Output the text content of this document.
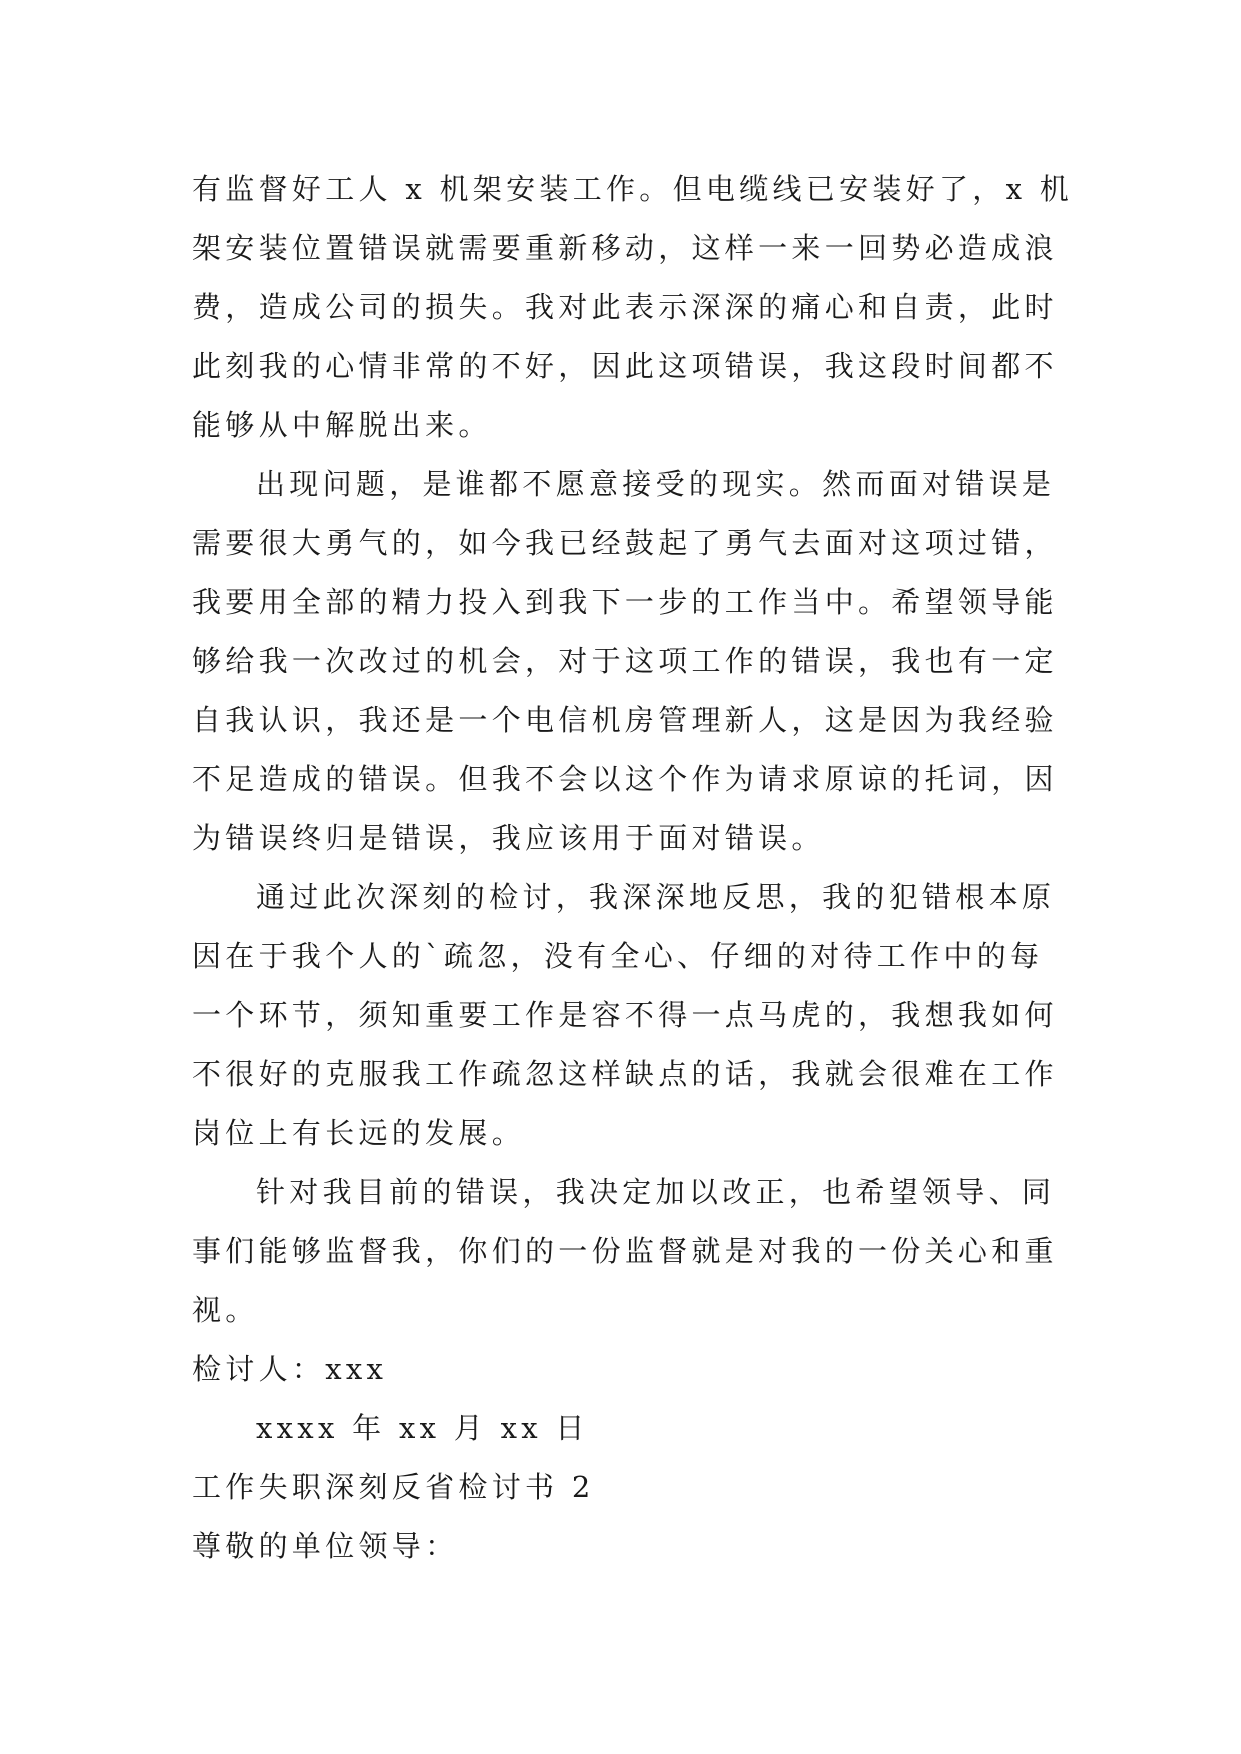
有监督好工人 x 机架安装工作。但电缆线已安装好了，x 机
架安装位置错误就需要重新移动，这样一来一回势必造成浪
费，造成公司的损失。我对此表示深深的痛心和自责，此时
此刻我的心情非常的不好，因此这项错误，我这段时间都不
能够从中解脱出来。
出现问题，是谁都不愿意接受的现实。然而面对错误是
需要很大勇气的，如今我已经鼓起了勇气去面对这项过错，
我要用全部的精力投入到我下一步的工作当中。希望领导能
够给我一次改过的机会，对于这项工作的错误，我也有一定
自我认识，我还是一个电信机房管理新人，这是因为我经验
不足造成的错误。但我不会以这个作为请求原谅的托词，因
为错误终归是错误，我应该用于面对错误。
通过此次深刻的检讨，我深深地反思，我的犯错根本原
因在于我个人的`疏忽，没有全心、仔细的对待工作中的每
一个环节，须知重要工作是容不得一点马虎的，我想我如何
不很好的克服我工作疏忽这样缺点的话，我就会很难在工作
岗位上有长远的发展。
针对我目前的错误，我决定加以改正，也希望领导、同
事们能够监督我，你们的一份监督就是对我的一份关心和重
视。
检讨人：xxx
xxxx 年 xx 月 xx 日
工作失职深刻反省检讨书 2
尊敬的单位领导：
